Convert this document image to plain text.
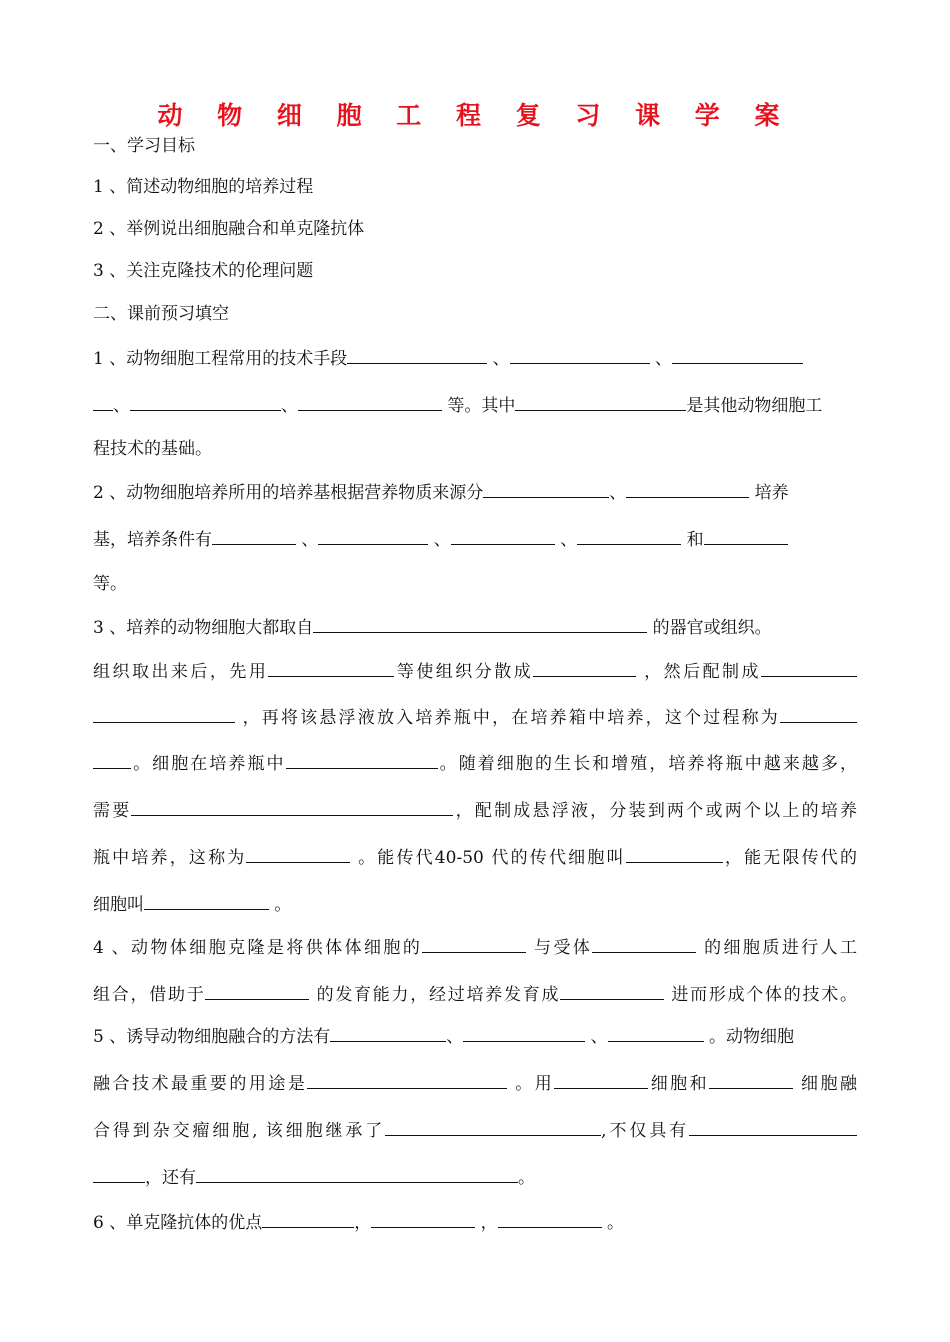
动 物 细 胞 工 程 复 习 课 学 案
一、学习目标
1 、简述动物细胞的培养过程
2 、举例说出细胞融合和单克隆抗体
3 、关注克隆技术的伦理问题
二、课前预习填空
1 、动物细胞工程常用的技术手段	、	、
、	、	等。其中	是其他动物细胞工
程技术的基础。
2 、动物细胞培养所用的培养基根据营养物质来源分	、	培养
基，培养条件有	、	、	、	和
等。
3 、培养的动物细胞大都取自	的器官或组织。
组织取出来后，先用	等使组织分散成	，然后配制成
，再将该悬浮液放入培养瓶中，在培养箱中培养，这个过程称为
。细胞在培养瓶中	。随着细胞的生长和增殖，培养将瓶中越来越多，
需要	，配制成悬浮液，分装到两个或两个以上的培养
瓶中培养，这称为	。能传代40-50 代的传代细胞叫	，能无限传代的
细胞叫	。
4 、动物体细胞克隆是将供体体细胞的	与受体	的细胞质进行人工
组合，借助于	的发育能力，经过培养发育成	进而形成个体的技术。
5 、诱导动物细胞融合的方法有	、	、	。动物细胞
融合技术最重要的用途是	。用	细胞和	细胞融
合得到杂交瘤细胞, 该细胞继承了	,不仅具有
，还有	。
6 、单克隆抗体的优点	，	，	。
